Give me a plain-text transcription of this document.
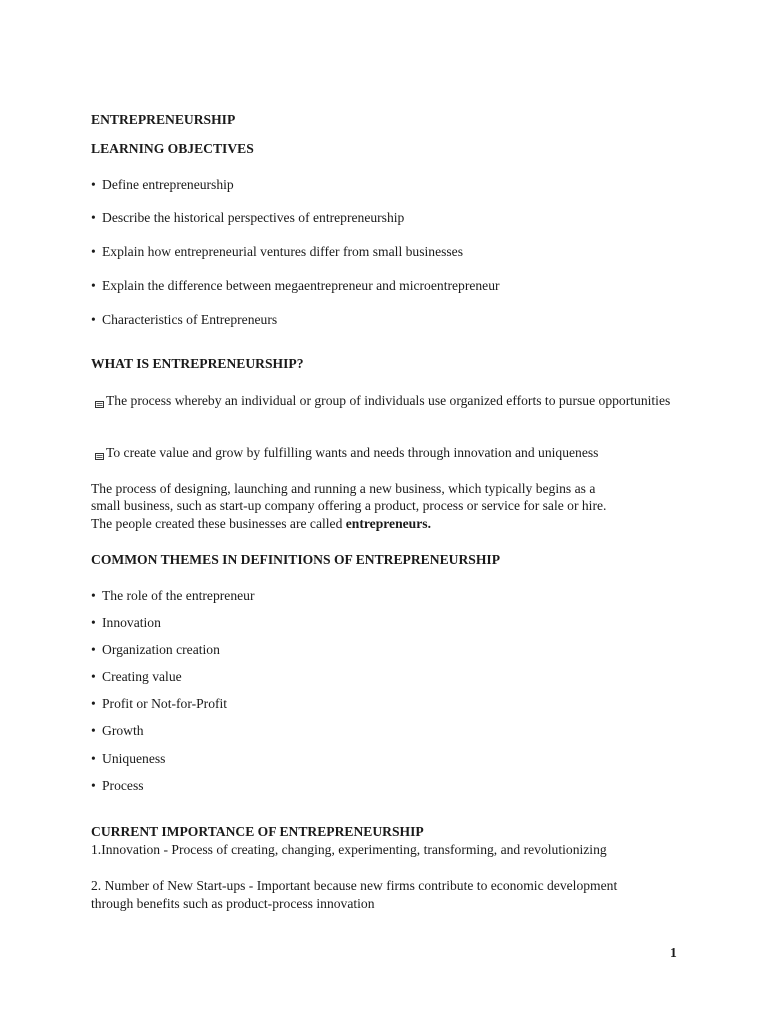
ENTREPRENEURSHIP
LEARNING OBJECTIVES
• Define entrepreneurship
• Describe the historical perspectives of entrepreneurship
• Explain how entrepreneurial ventures differ from small businesses
• Explain the difference between megaentrepreneur and microentrepreneur
• Characteristics of Entrepreneurs
WHAT IS ENTREPRENEURSHIP?
The process whereby an individual or group of individuals use organized efforts to pursue opportunities
To create value and grow by fulfilling wants and needs through innovation and uniqueness
The process of designing, launching and running a new business, which typically begins as a
small business, such as start-up company offering a product, process or service for sale or hire.
The people created these businesses are called entrepreneurs.
COMMON THEMES IN DEFINITIONS OF ENTREPRENEURSHIP
• The role of the entrepreneur
• Innovation
• Organization creation
• Creating value
• Profit or Not-for-Profit
• Growth
• Uniqueness
• Process
CURRENT IMPORTANCE OF ENTREPRENEURSHIP
1.Innovation - Process of creating, changing, experimenting, transforming, and revolutionizing
2. Number of New Start-ups - Important because new firms contribute to economic development
through benefits such as product-process innovation
1
